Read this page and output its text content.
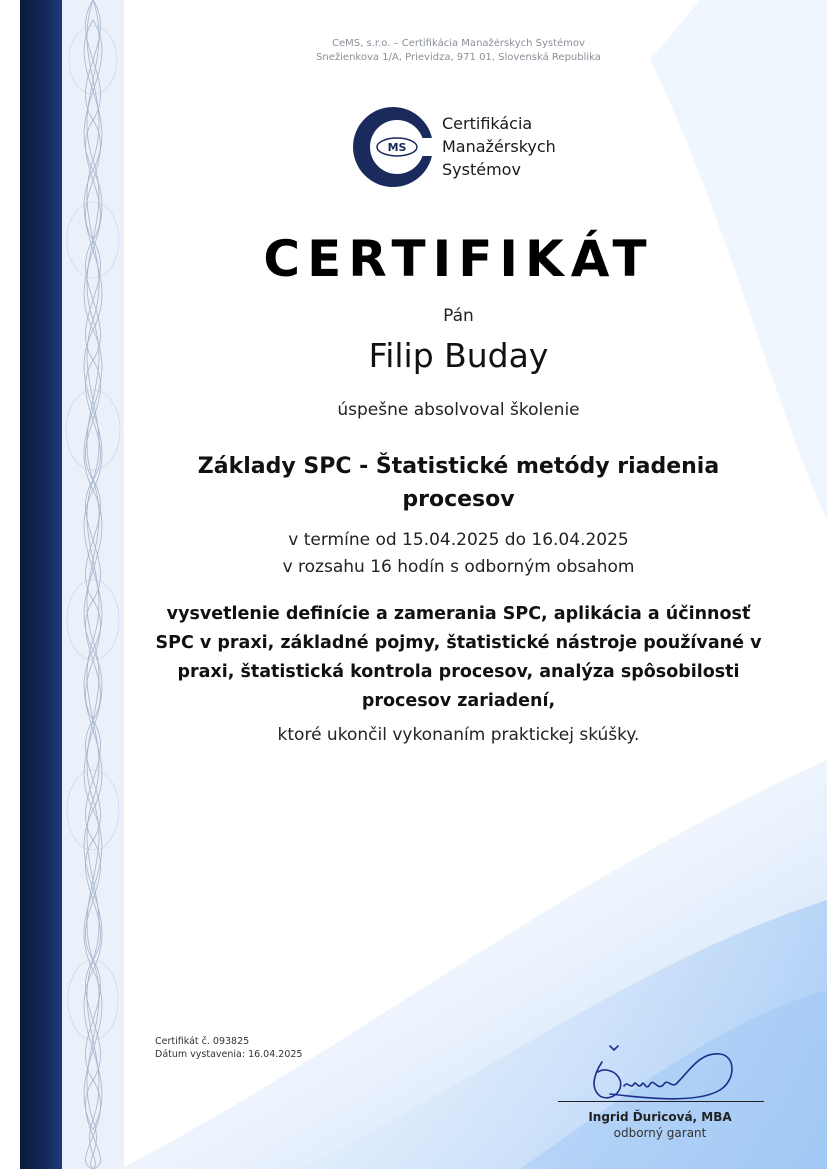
CeMS, s.r.o. – Certifikácia Manažérskych Systémov
Snežienkova 1/A, Prievidza, 971 01, Slovenská Republika
MS
Certifikácia
Manažérskych
Systémov
CERTIFIKÁT
Pán
Filip Buday
úspešne absolvoval školenie
Základy SPC - Štatistické metódy riadenia
procesov
v termíne od 15.04.2025 do 16.04.2025
v rozsahu 16 hodín s odborným obsahom
vysvetlenie definície a zamerania SPC, aplikácia a účinnosť
SPC v praxi, základné pojmy, štatistické nástroje používané v
praxi, štatistická kontrola procesov, analýza spôsobilosti
procesov zariadení,
ktoré ukončil vykonaním praktickej skúšky.
Certifikát č. 093825
Dátum vystavenia: 16.04.2025
Ingrid Ďuricová, MBA
odborný garant
